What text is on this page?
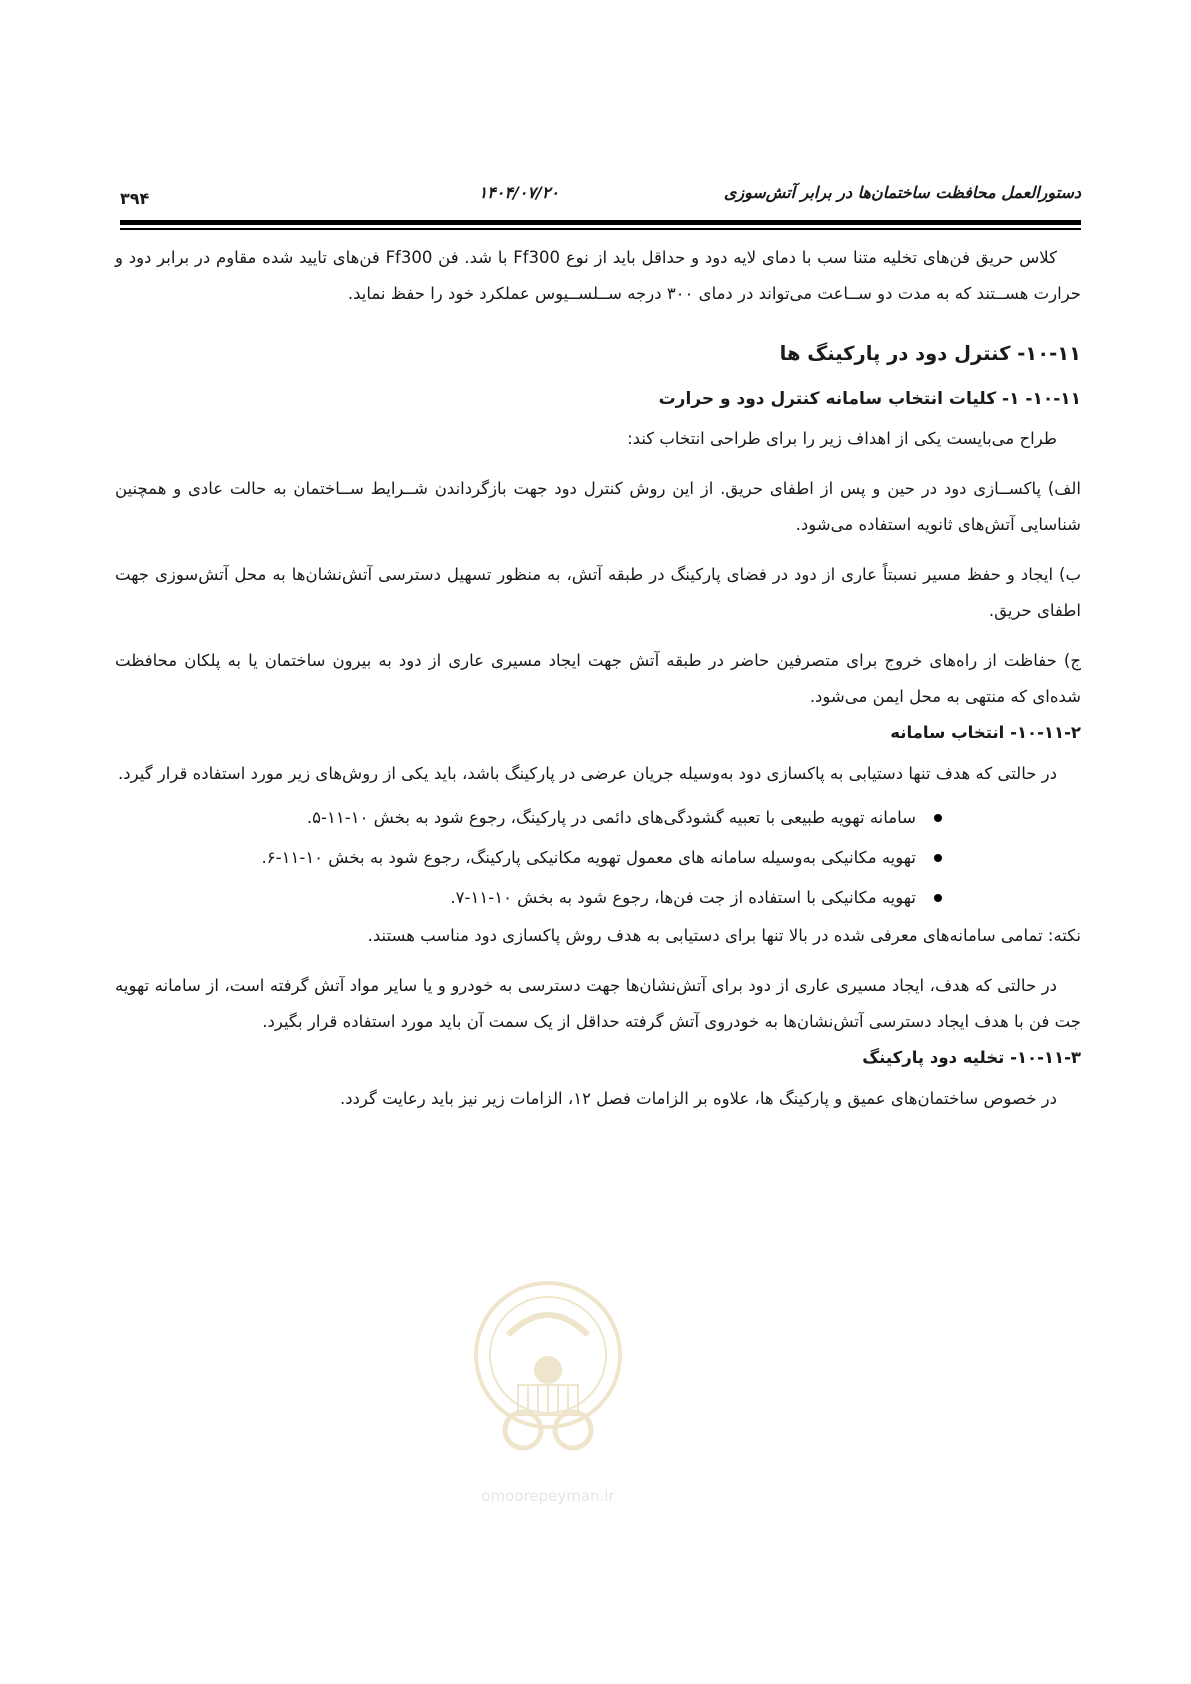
دستورالعمل محافظت ساختمان‌ها در برابر آتش‌سوزی
۱۴۰۴/۰۷/۲۰
۳۹۴

کلاس حریق فن‌های تخلیه متنا سب با دمای لایه دود و حداقل باید از نوع Ff300 با شد. فن Ff300 فن‌های تایید شده مقاوم در برابر دود و حرارت هســتند که به مدت دو ســاعت می‌تواند در دمای ۳۰۰ درجه ســلســیوس عملکرد خود را حفظ نماید.

۱۰-۱۱- کنترل دود در پارکینگ ها
۱۰-۱۱- ۱- کلیات انتخاب سامانه کنترل دود و حرارت

طراح می‌بایست یکی از اهداف زیر را برای طراحی انتخاب کند:

الف) پاکســازی دود در حین و پس از اطفای حریق. از این روش کنترل دود جهت بازگرداندن شــرایط ســاختمان به حالت عادی و همچنین شناسایی آتش‌های ثانویه استفاده می‌شود.

ب) ایجاد و حفظ مسیر نسبتاً عاری از دود در فضای پارکینگ در طبقه آتش، به منظور تسهیل دسترسی آتش‌نشان‌ها به محل آتش‌سوزی جهت اطفای حریق.

ج) حفاظت از راه‌های خروج برای متصرفین حاضر در طبقه آتش جهت ایجاد مسیری عاری از دود به بیرون ساختمان یا به پلکان محافظت شده‌ای که منتهی به محل ایمن می‌شود.

۱۰-۱۱-۲- انتخاب سامانه

در حالتی که هدف تنها دستیابی به پاکسازی دود به‌وسیله جریان عرضی در پارکینگ باشد، باید یکی از روش‌های زیر مورد استفاده قرار گیرد.

سامانه تهویه طبیعی با تعبیه گشودگی‌های دائمی در پارکینگ، رجوع شود به بخش ۱۰-۱۱-۵.
تهویه مکانیکی به‌وسیله سامانه های معمول تهویه مکانیکی پارکینگ، رجوع شود به بخش ۱۰-۱۱-۶.
تهویه مکانیکی با استفاده از جت فن‌ها، رجوع شود به بخش ۱۰-۱۱-۷.

نکته: تمامی سامانه‌های معرفی شده در بالا تنها برای دستیابی به هدف روش پاکسازی دود مناسب هستند.

در حالتی که هدف، ایجاد مسیری عاری از دود برای آتش‌نشان‌ها جهت دسترسی به خودرو و یا سایر مواد آتش گرفته است، از سامانه تهویه جت فن با هدف ایجاد دسترسی آتش‌نشان‌ها به خودروی آتش گرفته حداقل از یک سمت آن باید مورد استفاده قرار بگیرد.

۱۰-۱۱-۳- تخلیه دود پارکینگ

در خصوص ساختمان‌های عمیق و پارکینگ ها، علاوه بر الزامات فصل ۱۲، الزامات زیر نیز باید رعایت گردد.

omoorepeyman.ir
